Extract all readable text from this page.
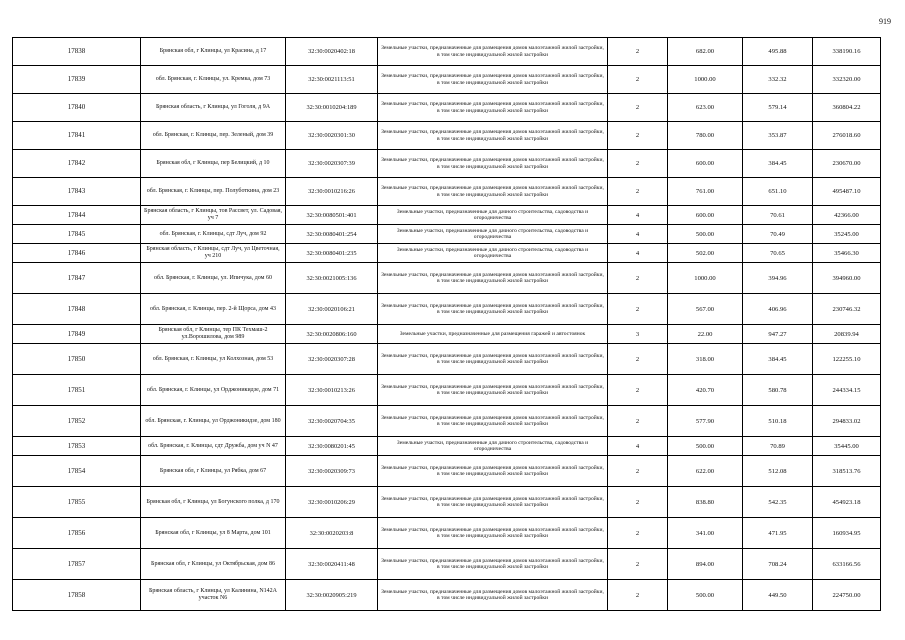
919
17838	Брянская обл, г Клинцы, ул Красина, д 17	32:30:0020402:18	Земельные участки, предназначенные для размещения домов малоэтажной жилой застройки, в том числе индивидуальной жилой застройки	2	682.00	495.88	338190.16
17839	обл. Брянская, г. Клинцы, ул. Кремка, дом 73	32:30:0021113:51	Земельные участки, предназначенные для размещения домов малоэтажной жилой застройки, в том числе индивидуальной жилой застройки	2	1000.00	332.32	332320.00
17840	Брянская область, г Клинцы, ул Гоголя, д 9А	32:30:0010204:189	Земельные участки, предназначенные для размещения домов малоэтажной жилой застройки, в том числе индивидуальной жилой застройки	2	623.00	579.14	360804.22
17841	обл. Брянская, г. Клинцы, пер. Зеленый, дом 39	32:30:0020301:30	Земельные участки, предназначенные для размещения домов малоэтажной жилой застройки, в том числе индивидуальной жилой застройки	2	780.00	353.87	276018.60
17842	Брянская обл, г Клинцы, пер Белицкий, д 10	32:30:0020307:39	Земельные участки, предназначенные для размещения домов малоэтажной жилой застройки, в том числе индивидуальной жилой застройки	2	600.00	384.45	230670.00
17843	обл. Брянская, г. Клинцы, пер. Полуботкина, дом 23	32:30:0010216:26	Земельные участки, предназначенные для размещения домов малоэтажной жилой застройки, в том числе индивидуальной жилой застройки	2	761.00	651.10	495487.10
17844	Брянская область, г Клинцы, тов Рассвет, ул. Садовая, уч 7	32:30:0080501:401	Земельные участки, предназначенные для дачного строительства, садоводства и огородничества	4	600.00	70.61	42366.00
17845	обл. Брянская, г. Клинцы, сдт Луч, дом 92	32:30:0080401:254	Земельные участки, предназначенные для дачного строительства, садоводства и огородничества	4	500.00	70.49	35245.00
17846	Брянская область, г Клинцы, сдт Луч, ул Цветочная, уч 210	32:30:0080401:235	Земельные участки, предназначенные для дачного строительства, садоводства и огородничества	4	502.00	70.65	35466.30
17847	обл. Брянская, г. Клинцы, ул. Ипичука, дом 60	32:30:0021005:136	Земельные участки, предназначенные для размещения домов малоэтажной жилой застройки, в том числе индивидуальной жилой застройки	2	1000.00	394.96	394960.00
17848	обл. Брянская, г. Клинцы, пер. 2-й Щорса, дом 43	32:30:0020106:21	Земельные участки, предназначенные для размещения домов малоэтажной жилой застройки, в том числе индивидуальной жилой застройки	2	567.00	406.96	230746.32
17849	Брянская обл, г Клинцы, тер ПК Техмаш-2 ул.Ворошилова, дом 989	32:30:0020806:160	Земельные участки, предназначенные для размещения гаражей и автостоянок	3	22.00	947.27	20839.94
17850	обл. Брянская, г. Клинцы, ул Колхозная, дом 53	32:30:0020307:28	Земельные участки, предназначенные для размещения домов малоэтажной жилой застройки, в том числе индивидуальной жилой застройки	2	318.00	384.45	122255.10
17851	обл. Брянская, г. Клинцы, ул Орджоникидзе, дом 71	32:30:0010213:26	Земельные участки, предназначенные для размещения домов малоэтажной жилой застройки, в том числе индивидуальной жилой застройки	2	420.70	580.78	244334.15
17852	обл. Брянская, г. Клинцы, ул Орджоникидзе, дом 180	32:30:0020704:35	Земельные участки, предназначенные для размещения домов малоэтажной жилой застройки, в том числе индивидуальной жилой застройки	2	577.90	510.18	294833.02
17853	обл. Брянская, г. Клинцы, сдт Дружба, дом уч N 47	32:30:0080201:45	Земельные участки, предназначенные для дачного строительства, садоводства и огородничества	4	500.00	70.89	35445.00
17854	Брянская обл, г Клинцы, ул Рябка, дом 67	32:30:0020309:73	Земельные участки, предназначенные для размещения домов малоэтажной жилой застройки, в том числе индивидуальной жилой застройки	2	622.00	512.08	318513.76
17855	Брянская обл, г Клинцы, ул Богунского полка, д 170	32:30:0010206:29	Земельные участки, предназначенные для размещения домов малоэтажной жилой застройки, в том числе индивидуальной жилой застройки	2	838.80	542.35	454923.18
17856	Брянская обл, г Клинцы, ул 8 Марта, дом 101	32:30:0020203:8	Земельные участки, предназначенные для размещения домов малоэтажной жилой застройки, в том числе индивидуальной жилой застройки	2	341.00	471.95	160934.95
17857	Брянская обл, г Клинцы, ул Октябрьская, дом 86	32:30:0020411:48	Земельные участки, предназначенные для размещения домов малоэтажной жилой застройки, в том числе индивидуальной жилой застройки	2	894.00	708.24	633166.56
17858	Брянская область, г Клинцы, ул Калинина, N142А участок N6	32:30:0020905:219	Земельные участки, предназначенные для размещения домов малоэтажной жилой застройки, в том числе индивидуальной жилой застройки	2	500.00	449.50	224750.00
